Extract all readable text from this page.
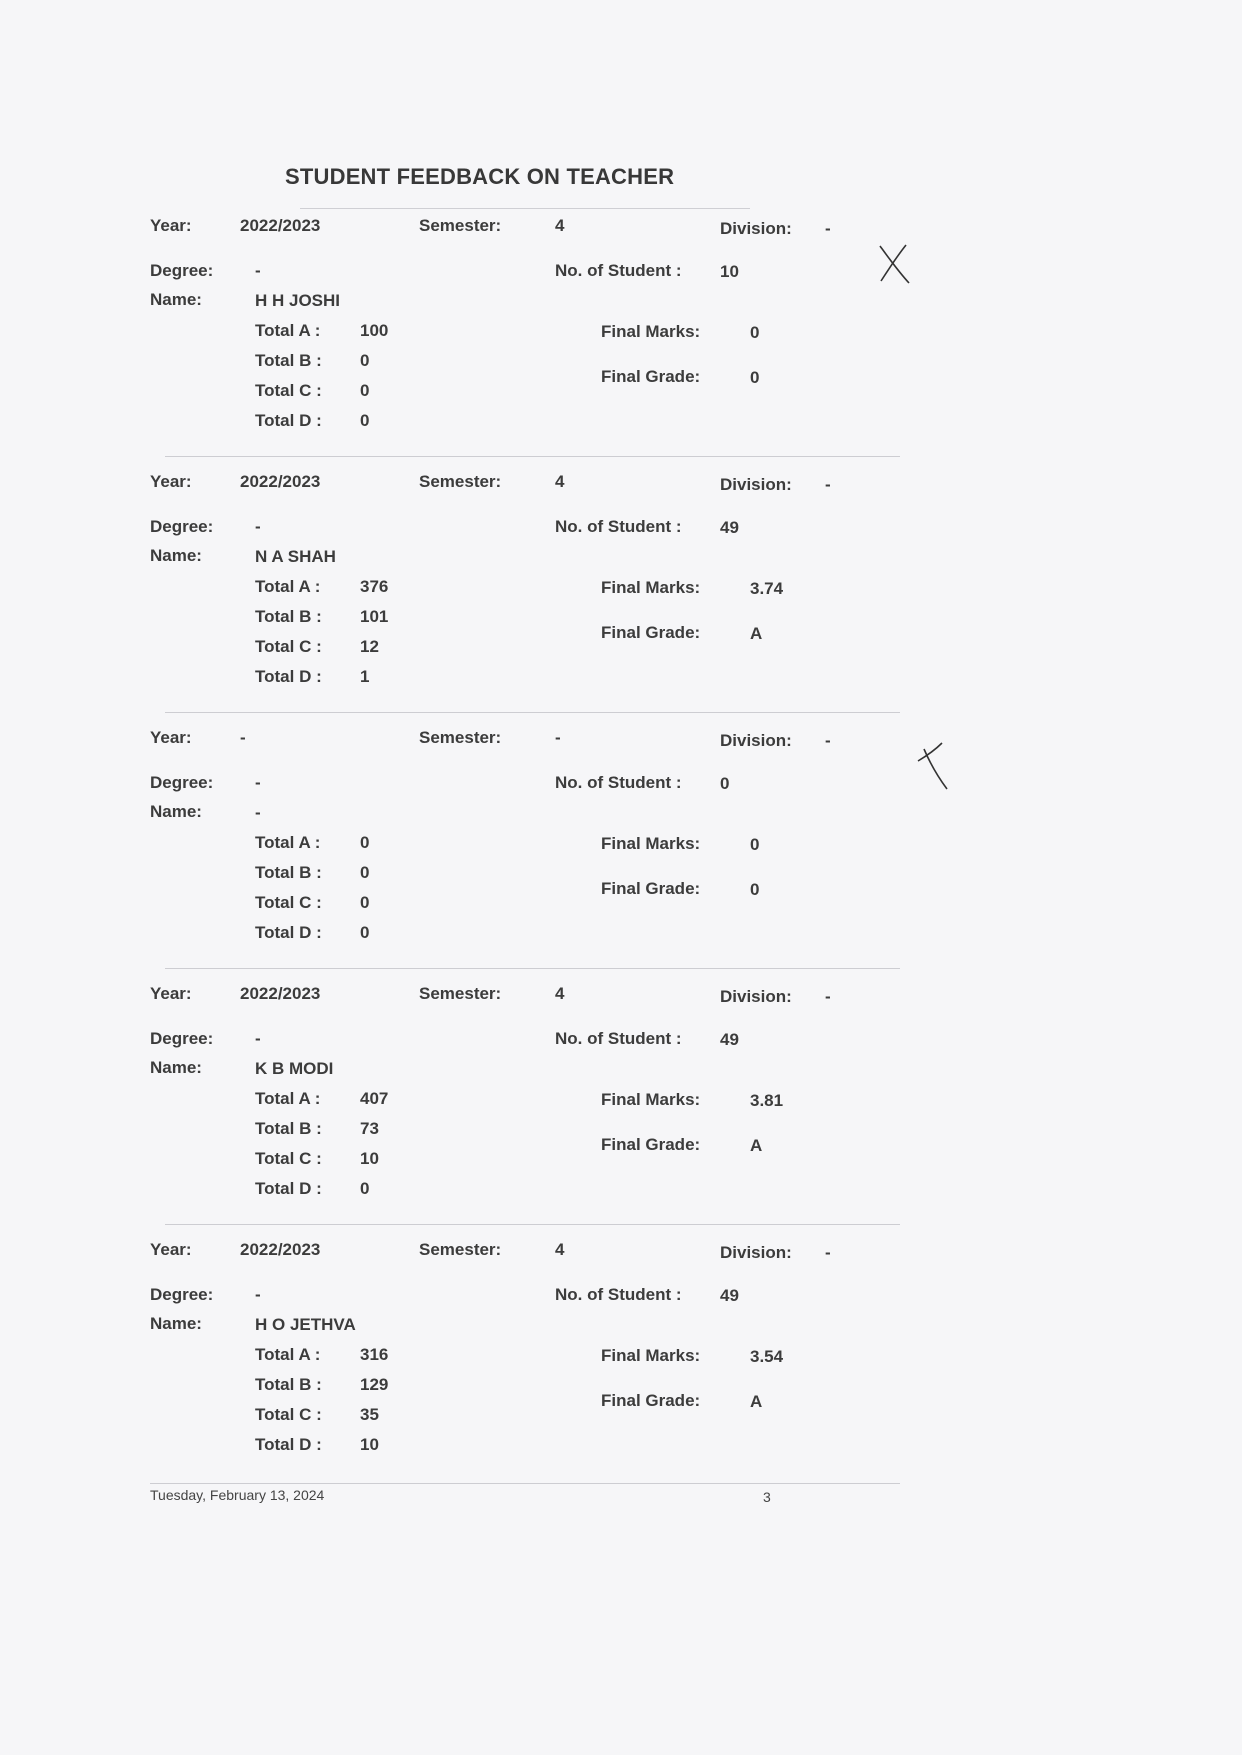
STUDENT FEEDBACK ON TEACHER
Year:	2022/2023	Semester:	4	Division: -
Degree: -	No. of Student : 10
Name:	H H JOSHI
Total A : 100
Total B : 0
Total C : 0
Total D : 0
Final Marks:	0
Final Grade:	0
Year:	2022/2023	Semester:	4	Division: -
Degree: -	No. of Student : 49
Name:	N A SHAH
Total A : 376
Total B : 101
Total C : 12
Total D : 1
Final Marks:	3.74
Final Grade:	A
Year:	-	Semester:	-	Division: -
Degree: -	No. of Student : 0
Name:	-
Total A : 0
Total B : 0
Total C : 0
Total D : 0
Final Marks:	0
Final Grade:	0
Year:	2022/2023	Semester:	4	Division: -
Degree: -	No. of Student : 49
Name:	K B MODI
Total A : 407
Total B : 73
Total C : 10
Total D : 0
Final Marks:	3.81
Final Grade:	A
Year:	2022/2023	Semester:	4	Division: -
Degree: -	No. of Student : 49
Name:	H O JETHVA
Total A : 316
Total B : 129
Total C : 35
Total D : 10
Final Marks:	3.54
Final Grade:	A
Tuesday, February 13, 2024	3
